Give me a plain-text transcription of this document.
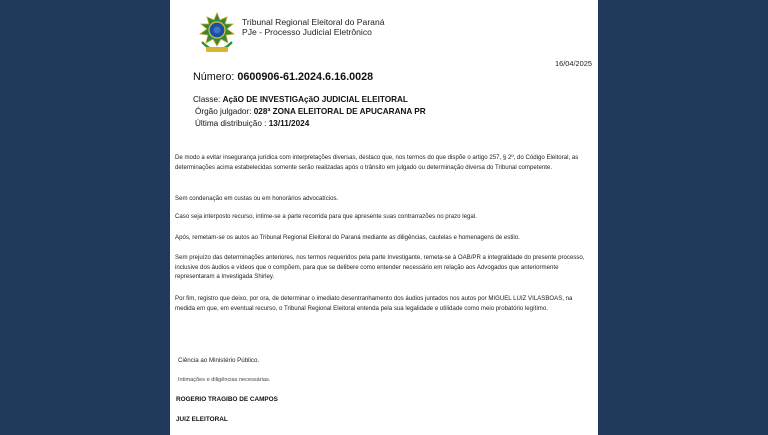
Tribunal Regional Eleitoral do Paraná
PJe - Processo Judicial Eletrônico
16/04/2025
Número: 0600906-61.2024.6.16.0028
Classe: AçãO DE INVESTIGAçãO JUDICIAL ELEITORAL
Órgão julgador: 028ª ZONA ELEITORAL DE APUCARANA PR
Última distribuição : 13/11/2024
De modo a evitar insegurança jurídica com interpretações diversas, destaco que, nos termos do que dispõe o artigo 257, § 2º, do Código Eleitoral, as determinações acima estabelecidas somente serão realizadas após o trânsito em julgado ou determinação diversa do Tribunal competente.
Sem condenação em custas ou em honorários advocatícios.
Caso seja interposto recurso, intime-se a parte recorrida para que apresente suas contrarrazões no prazo legal.
Após, remetam-se os autos ao Tribunal Regional Eleitoral do Paraná mediante as diligências, cautelas e homenagens de estilo.
Sem prejuízo das determinações anteriores, nos termos requeridos pela parte Investigante, remeta-se à OAB/PR a integralidade do presente processo, inclusive dos áudios e vídeos que o compõem, para que se delibere como entender necessário em relação aos Advogados que anteriormente representaram a Investigada Shirley.
Por fim, registro que deixo, por ora, de determinar o imediato desentranhamento dos áudios juntados nos autos por MIGUEL LUIZ VILASBOAS, na medida em que, em eventual recurso, o Tribunal Regional Eleitoral entenda pela sua legalidade e utilidade como meio probatório legítimo.
Ciência ao Ministério Público.
Intimações e diligências necessárias.
ROGERIO TRAGIBO DE CAMPOS
JUIZ ELEITORAL
